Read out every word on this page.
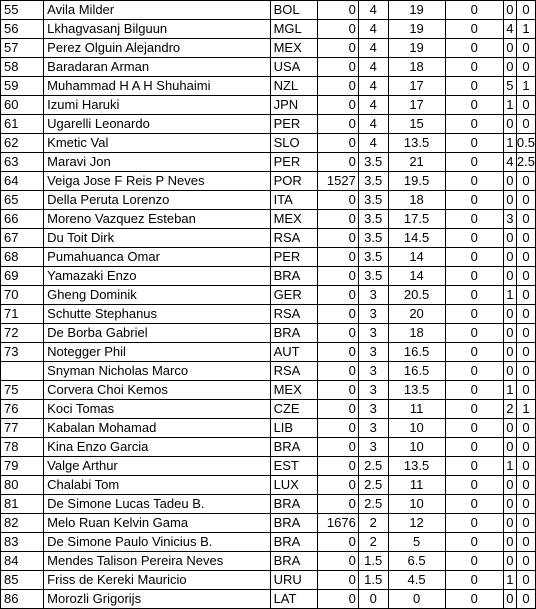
55	Avila Milder	BOL	0	4	19	0	0	0
56	Lkhagvasanj Bilguun	MGL	0	4	19	0	4	1
57	Perez Olguin Alejandro	MEX	0	4	19	0	0	0
58	Baradaran Arman	USA	0	4	18	0	0	0
59	Muhammad H A H Shuhaimi	NZL	0	4	17	0	5	1
60	Izumi Haruki	JPN	0	4	17	0	1	0
61	Ugarelli Leonardo	PER	0	4	15	0	0	0
62	Kmetic Val	SLO	0	4	13.5	0	1	0.5
63	Maravi Jon	PER	0	3.5	21	0	4	2.5
64	Veiga Jose F Reis P Neves	POR	1527	3.5	19.5	0	0	0
65	Della Peruta Lorenzo	ITA	0	3.5	18	0	0	0
66	Moreno Vazquez Esteban	MEX	0	3.5	17.5	0	3	0
67	Du Toit Dirk	RSA	0	3.5	14.5	0	0	0
68	Pumahuanca Omar	PER	0	3.5	14	0	0	0
69	Yamazaki Enzo	BRA	0	3.5	14	0	0	0
70	Gheng Dominik	GER	0	3	20.5	0	1	0
71	Schutte Stephanus	RSA	0	3	20	0	0	0
72	De Borba Gabriel	BRA	0	3	18	0	0	0
73	Notegger Phil	AUT	0	3	16.5	0	0	0
	Snyman Nicholas Marco	RSA	0	3	16.5	0	0	0
75	Corvera Choi Kemos	MEX	0	3	13.5	0	1	0
76	Koci Tomas	CZE	0	3	11	0	2	1
77	Kabalan Mohamad	LIB	0	3	10	0	0	0
78	Kina Enzo Garcia	BRA	0	3	10	0	0	0
79	Valge Arthur	EST	0	2.5	13.5	0	1	0
80	Chalabi Tom	LUX	0	2.5	11	0	0	0
81	De Simone Lucas Tadeu B.	BRA	0	2.5	10	0	0	0
82	Melo Ruan Kelvin Gama	BRA	1676	2	12	0	0	0
83	De Simone Paulo Vinicius B.	BRA	0	2	5	0	0	0
84	Mendes Talison Pereira Neves	BRA	0	1.5	6.5	0	0	0
85	Friss de Kereki Mauricio	URU	0	1.5	4.5	0	1	0
86	Morozli Grigorijs	LAT	0	0	0	0	0	0
